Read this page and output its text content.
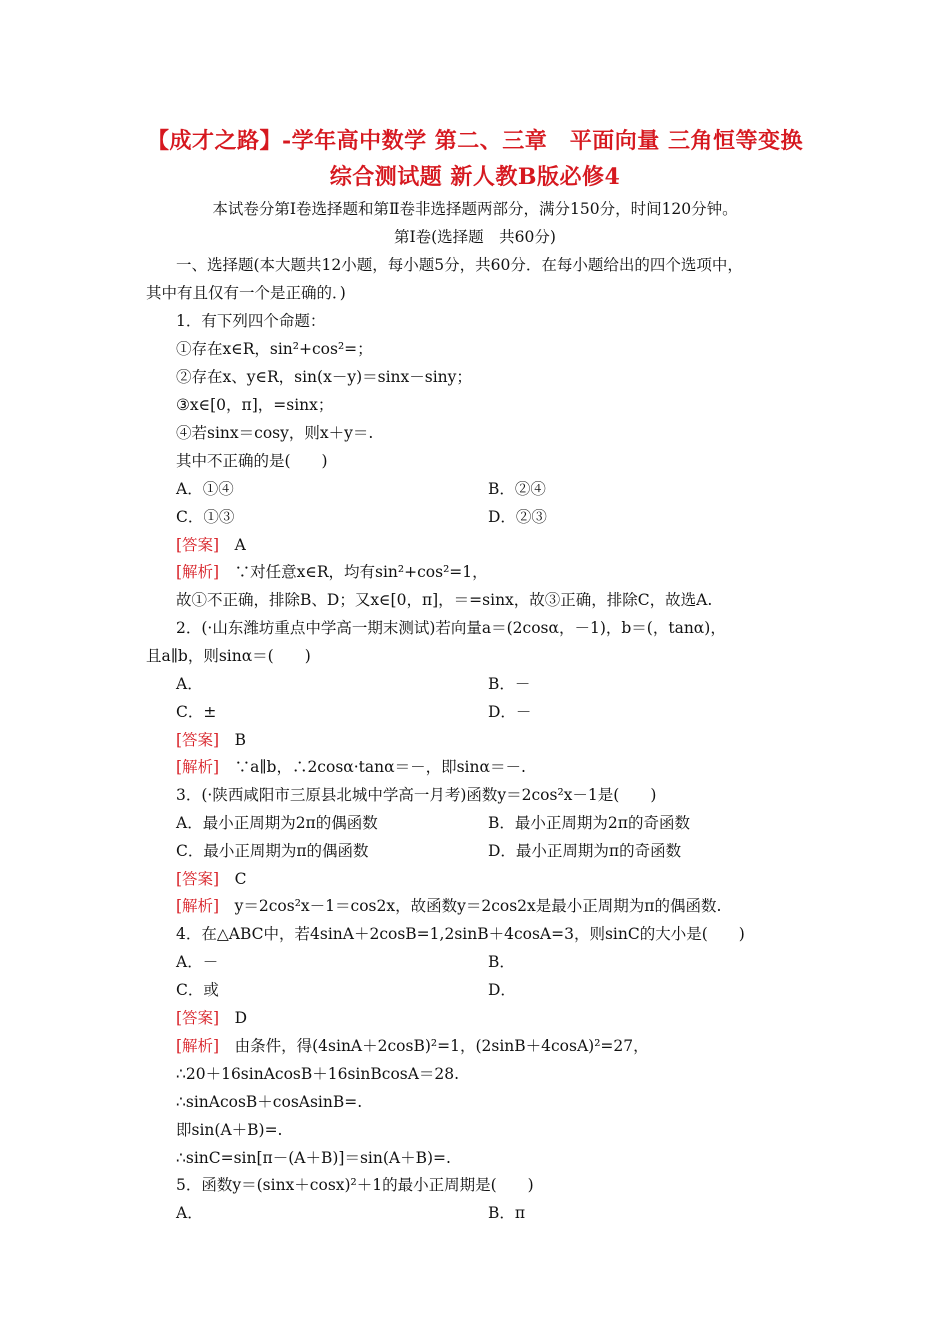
【成才之路】-学年高中数学 第二、三章　平面向量 三角恒等变换
综合测试题 新人教B版必修4
本试卷分第Ⅰ卷选择题和第Ⅱ卷非选择题两部分，满分150分，时间120分钟。
第Ⅰ卷(选择题　共60分)
一、选择题(本大题共12小题，每小题5分，共60分．在每小题给出的四个选项中，
其中有且仅有一个是正确的．)
1．有下列四个命题：
①存在x∈R，sin²+cos²=；
②存在x、y∈R，sin(x－y)＝sinx－siny；
③x∈[0，π]，=sinx；
④若sinx＝cosy，则x＋y＝.
其中不正确的是(　　)
A．①④	B．②④
C．①③	D．②③
[答案]　 A
[解析]　 ∵对任意x∈R，均有sin²+cos²=1，
故①不正确，排除B、D；又x∈[0，π]，＝=sinx，故③正确，排除C，故选A.
2．(·山东潍坊重点中学高一期末测试)若向量a＝(2cosα，－1)，b＝(，tanα)，
且a∥b，则sinα＝(　　)
A．	B．－
C．±	D．－
[答案]　 B
[解析]　 ∵a∥b，∴2cosα·tanα＝－，即sinα＝－.
3．(·陕西咸阳市三原县北城中学高一月考)函数y＝2cos²x－1是(　　)
A．最小正周期为2π的偶函数	B．最小正周期为2π的奇函数
C．最小正周期为π的偶函数	D．最小正周期为π的奇函数
[答案]　 C
[解析]　 y＝2cos²x－1＝cos2x，故函数y＝2cos2x是最小正周期为π的偶函数.
4．在△ABC中，若4sinA＋2cosB=1,2sinB＋4cosA=3，则sinC的大小是(　　)
A．－	B．
C．或	D．
[答案]　 D
[解析]　 由条件，得(4sinA＋2cosB)²=1，(2sinB＋4cosA)²=27，
∴20＋16sinAcosB＋16sinBcosA＝28.
∴sinAcosB＋cosAsinB=.
即sin(A＋B)=.
∴sinC=sin[π－(A＋B)]＝sin(A＋B)=.
5．函数y＝(sinx＋cosx)²＋1的最小正周期是(　　)
A．	B．π
